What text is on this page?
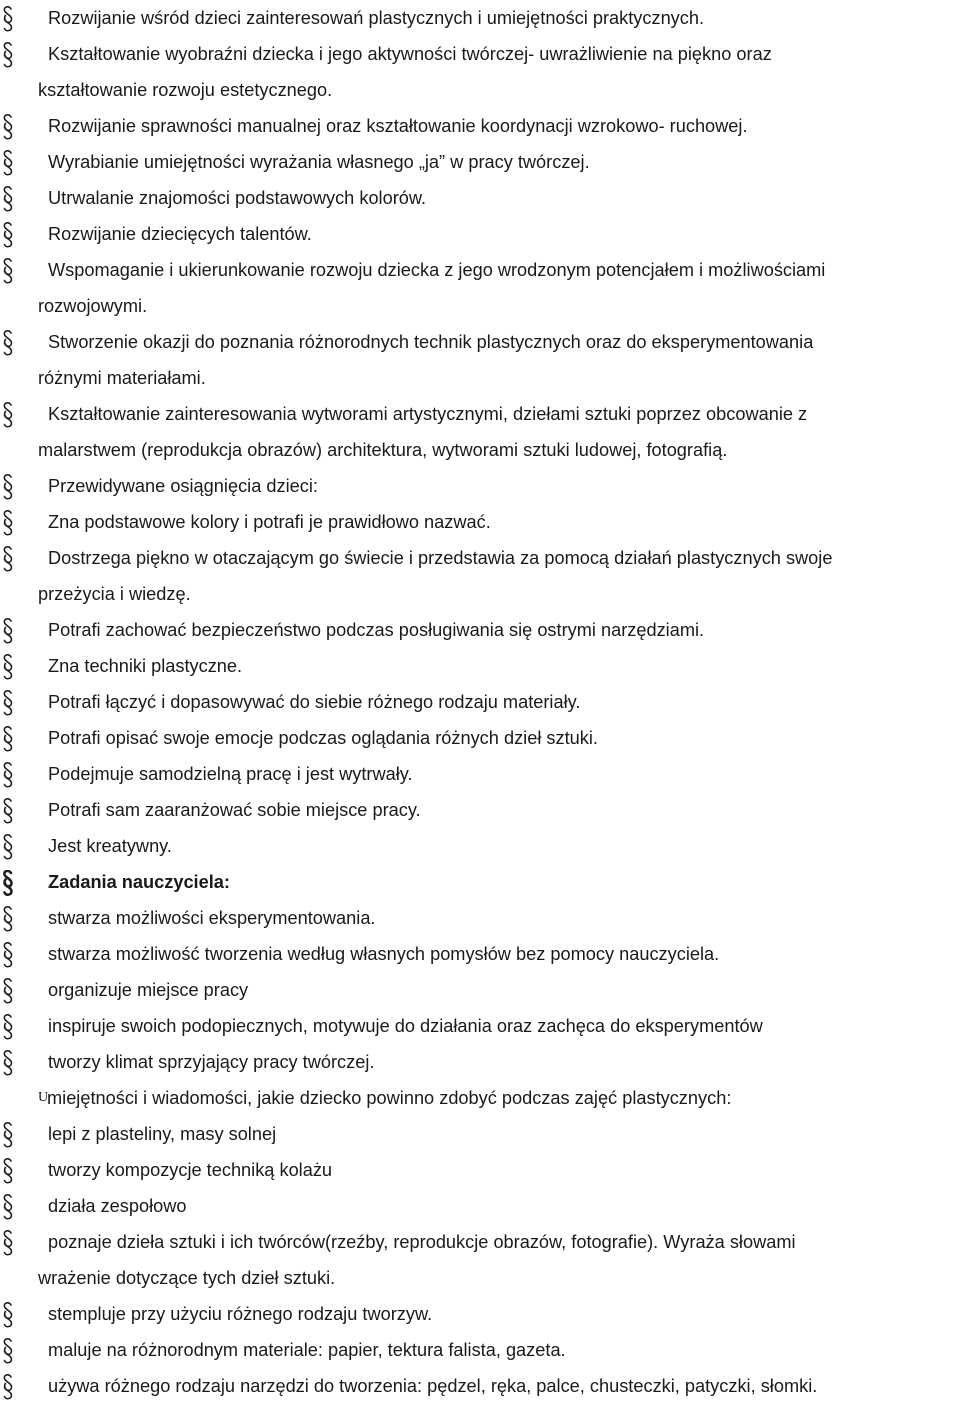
Rozwijanie wśród dzieci zainteresowań plastycznych i umiejętności praktycznych.
Kształtowanie wyobraźni dziecka i jego aktywności twórczej- uwrażliwienie na piękno oraz
kształtowanie rozwoju estetycznego.
Rozwijanie sprawności manualnej oraz kształtowanie koordynacji wzrokowo- ruchowej.
Wyrabianie umiejętności wyrażania własnego „ja” w pracy twórczej.
Utrwalanie znajomości podstawowych kolorów.
Rozwijanie dziecięcych talentów.
Wspomaganie i ukierunkowanie rozwoju dziecka z jego wrodzonym potencjałem i możliwościami
rozwojowymi.
Stworzenie okazji do poznania różnorodnych technik plastycznych oraz do eksperymentowania
różnymi materiałami.
Kształtowanie zainteresowania wytworami artystycznymi, dziełami sztuki poprzez obcowanie z
malarstwem (reprodukcja obrazów) architektura, wytworami sztuki ludowej, fotografią.
Przewidywane osiągnięcia dzieci:
Zna podstawowe kolory i potrafi je prawidłowo nazwać.
Dostrzega piękno w otaczającym go świecie i przedstawia za pomocą działań plastycznych swoje
przeżycia i wiedzę.
Potrafi zachować bezpieczeństwo podczas posługiwania się ostrymi narzędziami.
Zna techniki plastyczne.
Potrafi łączyć i dopasowywać do siebie różnego rodzaju materiały.
Potrafi opisać swoje emocje podczas oglądania różnych dzieł sztuki.
Podejmuje samodzielną pracę i jest wytrwały.
Potrafi sam zaaranżować sobie miejsce pracy.
Jest kreatywny.
Zadania nauczyciela:
stwarza możliwości eksperymentowania.
stwarza możliwość tworzenia według własnych pomysłów bez pomocy nauczyciela.
organizuje miejsce pracy
inspiruje swoich podopiecznych, motywuje do działania oraz zachęca do eksperymentów
tworzy klimat sprzyjający pracy twórczej.
U
miejętności i wiadomości, jakie dziecko powinno zdobyć podczas zajęć plastycznych:
lepi z plasteliny, masy solnej
tworzy kompozycje techniką kolażu
działa zespołowo
poznaje dzieła sztuki i ich twórców(rzeźby, reprodukcje obrazów, fotografie). Wyraża słowami
wrażenie dotyczące tych dzieł sztuki.
stempluje przy użyciu różnego rodzaju tworzyw.
maluje na różnorodnym materiale: papier, tektura falista, gazeta.
używa różnego rodzaju narzędzi do tworzenia: pędzel, ręka, palce, chusteczki, patyczki, słomki.
